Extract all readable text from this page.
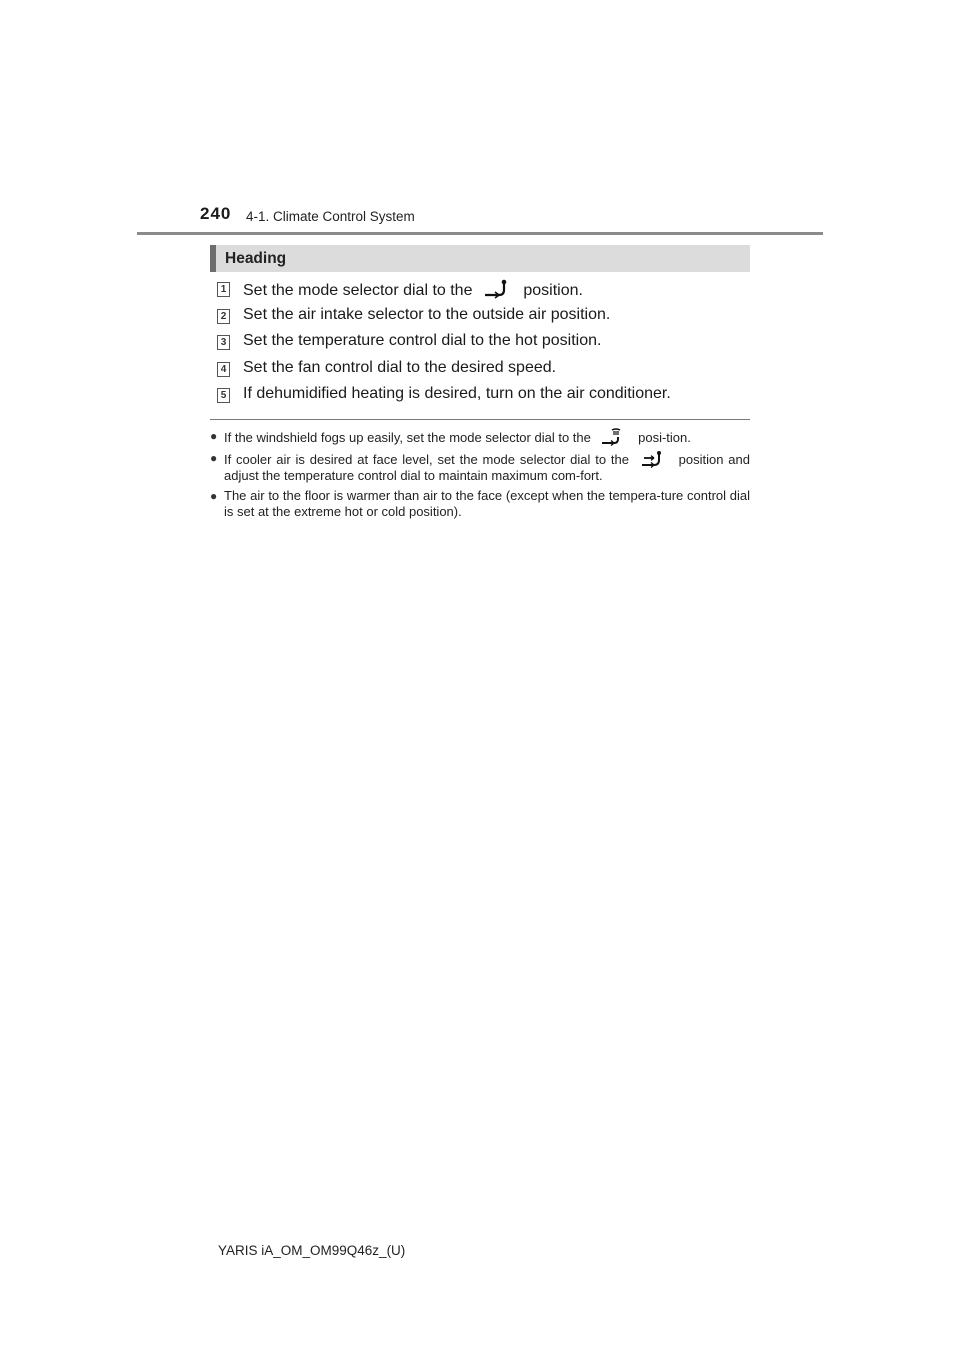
240 4-1. Climate Control System
Heading
1 Set the mode selector dial to the	position.
2 Set the air intake selector to the outside air position.
3 Set the temperature control dial to the hot position.
4 Set the fan control dial to the desired speed.
5 If dehumidified heating is desired, turn on the air conditioner.
● If the windshield fogs up easily, set the mode selector dial to the	posi-tion.
● If cooler air is desired at face level, set the mode selector dial to the	position and adjust the temperature control dial to maintain maximum com-fort.
● The air to the floor is warmer than air to the face (except when the tempera-ture control dial is set at the extreme hot or cold position).
YARIS iA_OM_OM99Q46z_(U)
